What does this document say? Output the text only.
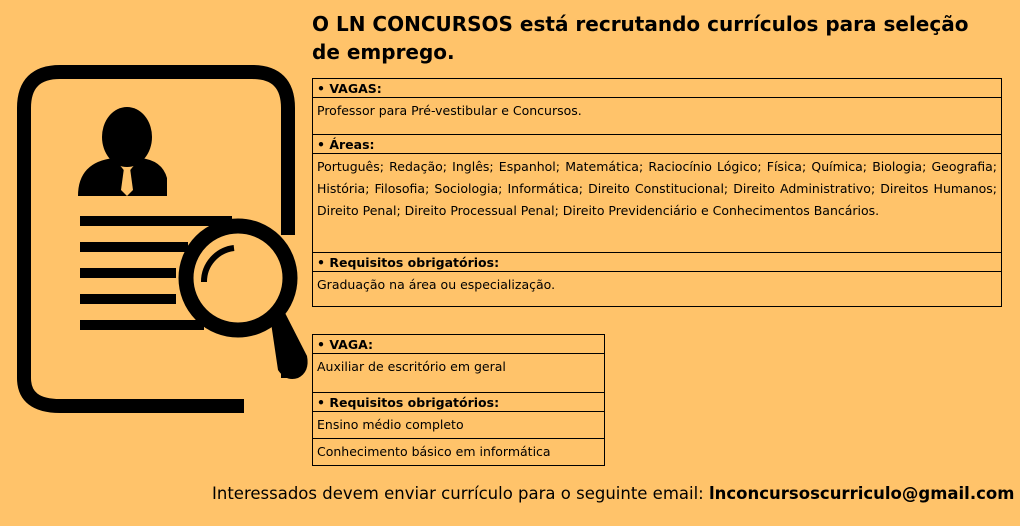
O LN CONCURSOS está recrutando currículos para seleção de emprego.
• VAGAS:
Professor para Pré-vestibular e Concursos.
• Áreas:
Português; Redação; Inglês; Espanhol; Matemática; Raciocínio Lógico; Física; Química; Biologia; Geografia; História; Filosofia; Sociologia; Informática; Direito Constitucional; Direito Administrativo; Direitos Humanos; Direito Penal; Direito Processual Penal; Direito Previdenciário e Conhecimentos Bancários.
• Requisitos obrigatórios:
Graduação na área ou especialização.
• VAGA:
Auxiliar de escritório em geral
• Requisitos obrigatórios:
Ensino médio completo
Conhecimento básico em informática
Interessados devem enviar currículo para o seguinte email: lnconcursoscurriculo@gmail.com
